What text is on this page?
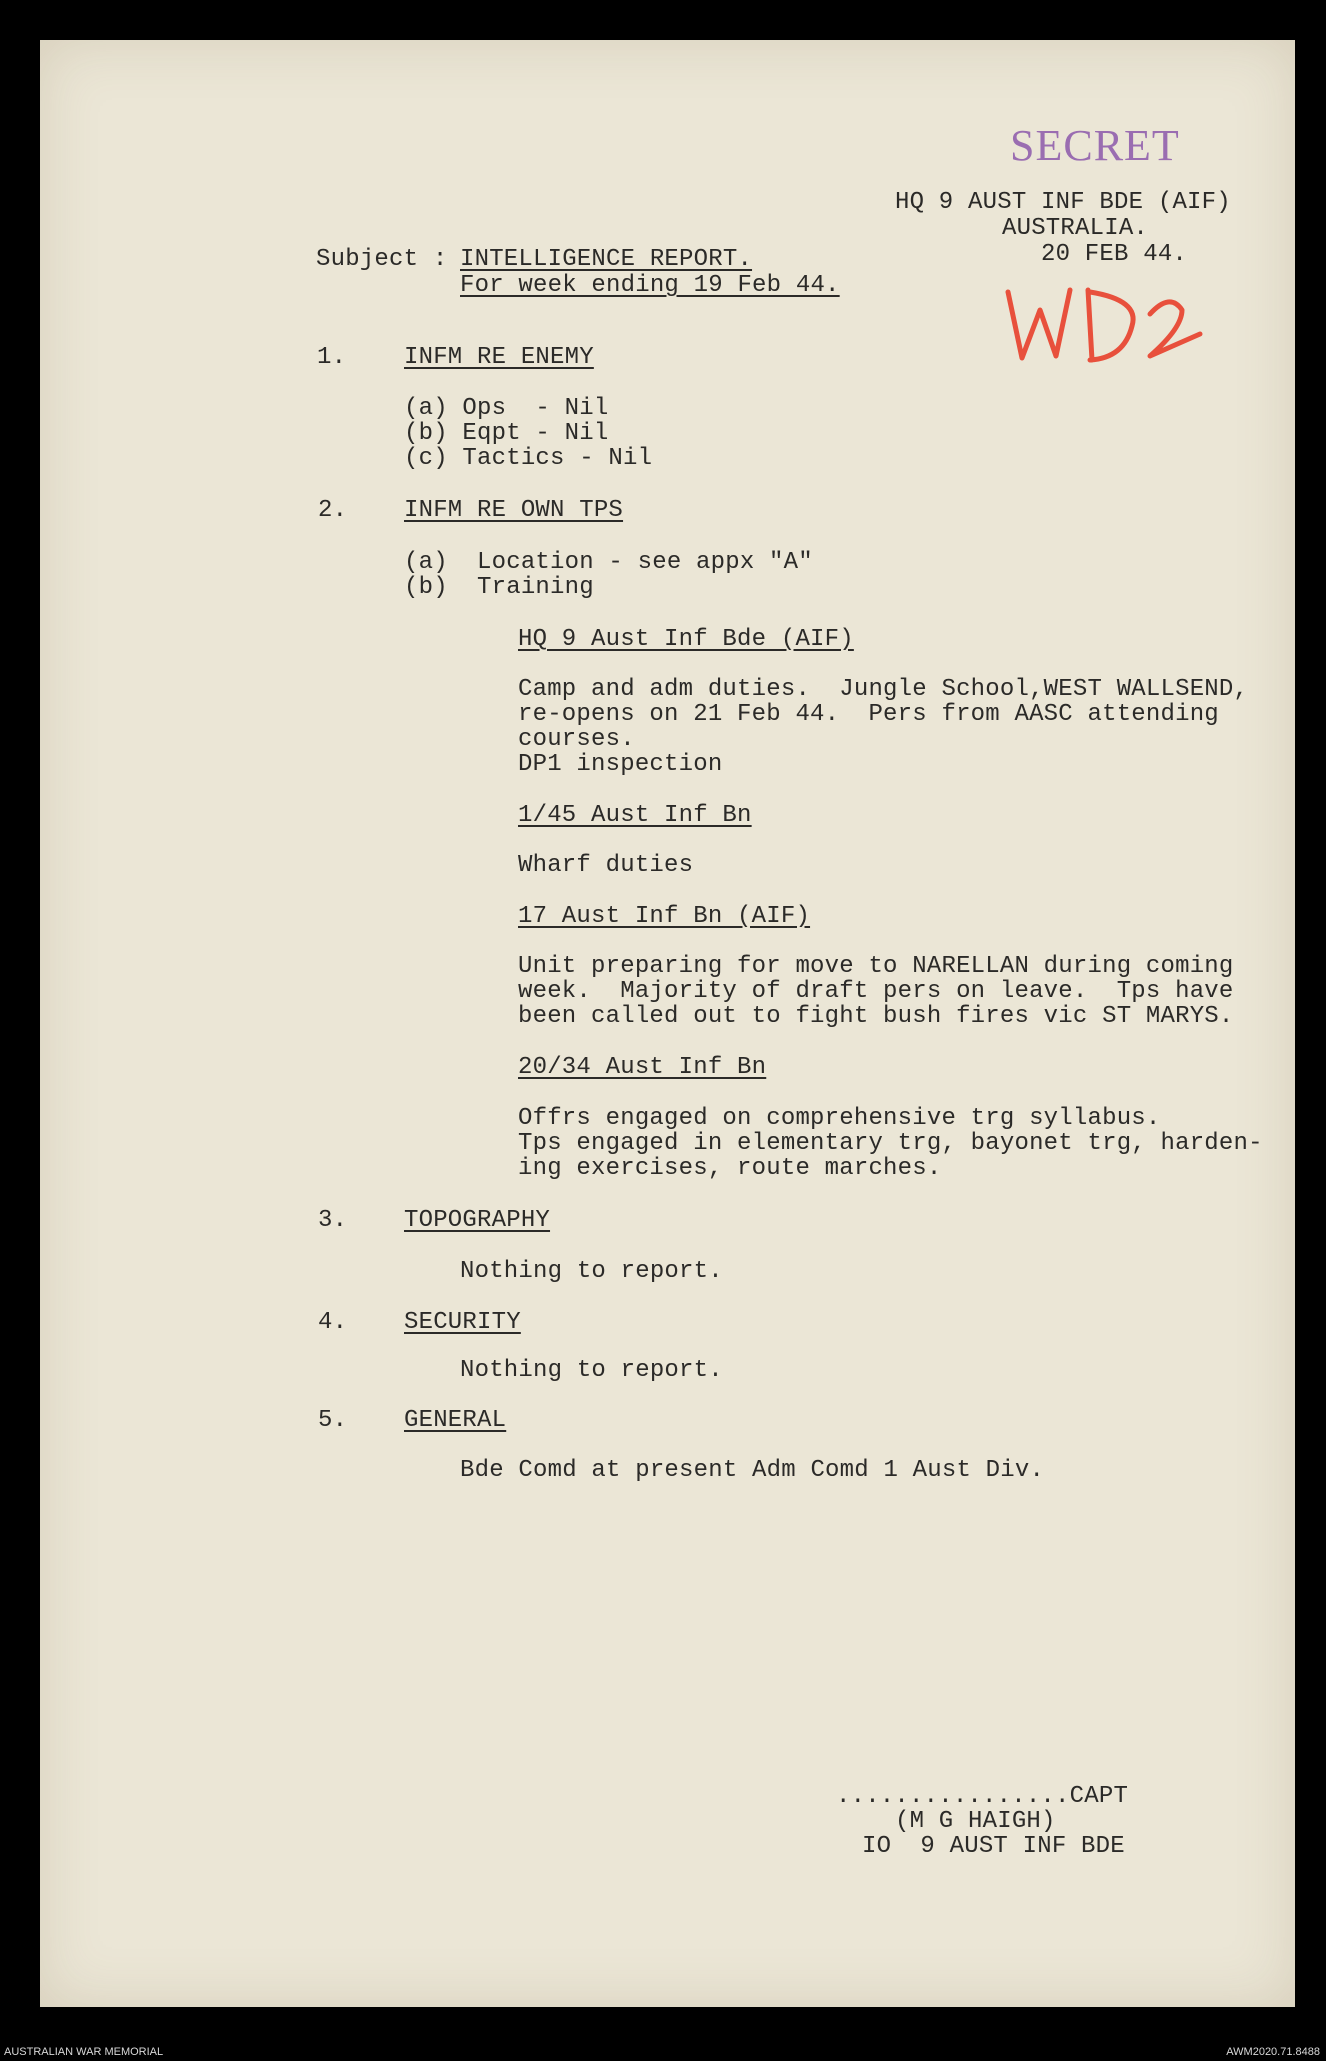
SECRET
HQ 9 AUST INF BDE (AIF)
AUSTRALIA.
20 FEB 44.
Subject : INTELLIGENCE REPORT.
For week ending 19 Feb 44.
1. INFM RE ENEMY
(a) Ops  - Nil
(b) Eqpt - Nil
(c) Tactics - Nil
2. INFM RE OWN TPS
(a)  Location - see appx "A"
(b)  Training
HQ 9 Aust Inf Bde (AIF)
Camp and adm duties.  Jungle School,WEST WALLSEND,
re-opens on 21 Feb 44.  Pers from AASC attending
courses.
DP1 inspection
1/45 Aust Inf Bn
Wharf duties
17 Aust Inf Bn (AIF)
Unit preparing for move to NARELLAN during coming
week.  Majority of draft pers on leave.  Tps have
been called out to fight bush fires vic ST MARYS.
20/34 Aust Inf Bn
Offrs engaged on comprehensive trg syllabus.
Tps engaged in elementary trg, bayonet trg, harden-
ing exercises, route marches.
3. TOPOGRAPHY
Nothing to report.
4. SECURITY
Nothing to report.
5. GENERAL
Bde Comd at present Adm Comd 1 Aust Div.
................CAPT
(M G HAIGH)
IO  9 AUST INF BDE
AUSTRALIAN WAR MEMORIAL	AWM2020.71.8488
